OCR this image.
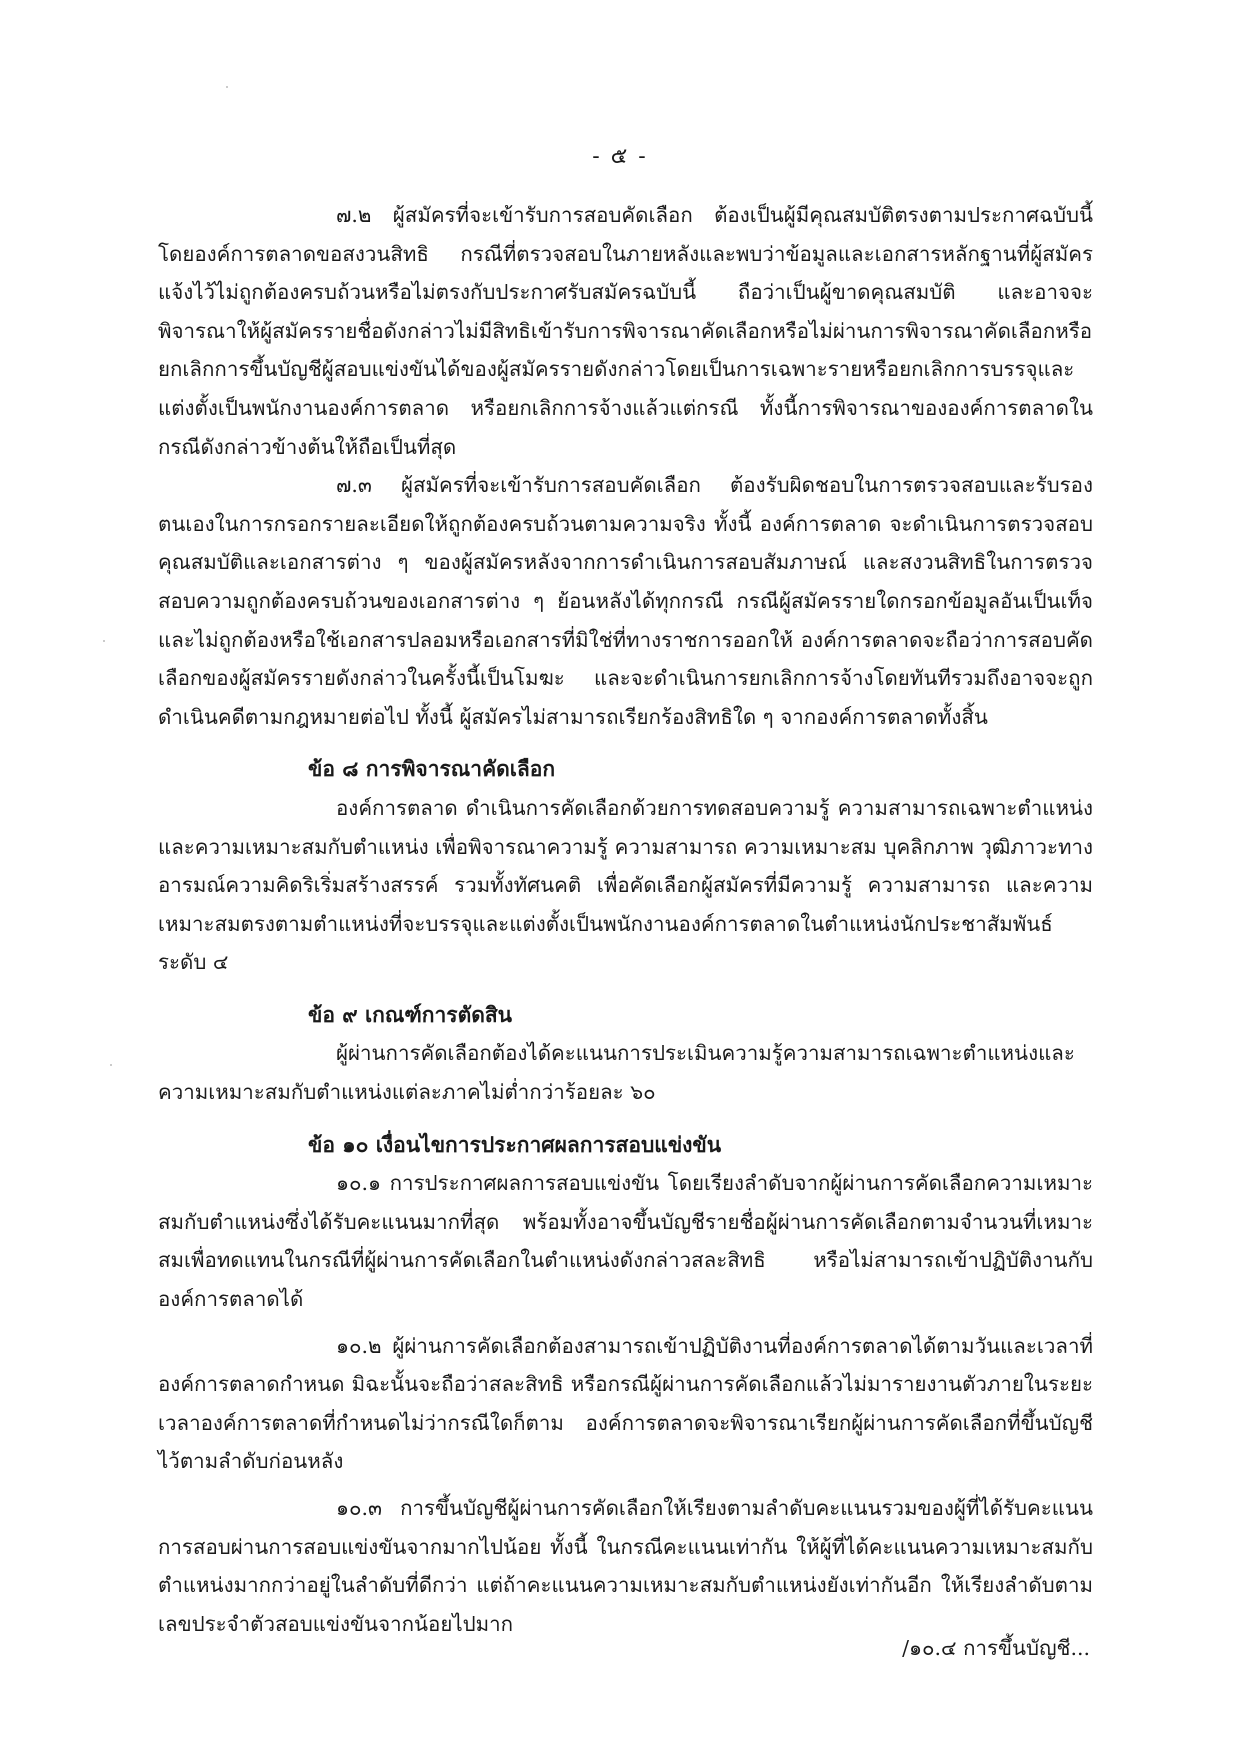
- ๕ -

๗.๒ ผู้สมัครที่จะเข้ารับการสอบคัดเลือก ต้องเป็นผู้มีคุณสมบัติตรงตามประกาศฉบับนี้ โดยองค์การตลาดขอสงวนสิทธิ กรณีที่ตรวจสอบในภายหลังและพบว่าข้อมูลและเอกสารหลักฐานที่ผู้สมัครแจ้งไว้ไม่ถูกต้องครบถ้วนหรือไม่ตรงกับประกาศรับสมัครฉบับนี้ ถือว่าเป็นผู้ขาดคุณสมบัติ และอาจจะพิจารณาให้ผู้สมัครรายชื่อดังกล่าวไม่มีสิทธิเข้ารับการพิจารณาคัดเลือกหรือไม่ผ่านการพิจารณาคัดเลือกหรือยกเลิกการขึ้นบัญชีผู้สอบแข่งขันได้ของผู้สมัครรายดังกล่าวโดยเป็นการเฉพาะรายหรือยกเลิกการบรรจุและแต่งตั้งเป็นพนักงานองค์การตลาด หรือยกเลิกการจ้างแล้วแต่กรณี ทั้งนี้การพิจารณาขององค์การตลาดในกรณีดังกล่าวข้างต้นให้ถือเป็นที่สุด

๗.๓ ผู้สมัครที่จะเข้ารับการสอบคัดเลือก ต้องรับผิดชอบในการตรวจสอบและรับรองตนเองในการกรอกรายละเอียดให้ถูกต้องครบถ้วนตามความจริง ทั้งนี้ องค์การตลาด จะดำเนินการตรวจสอบคุณสมบัติและเอกสารต่าง ๆ ของผู้สมัครหลังจากการดำเนินการสอบสัมภาษณ์ และสงวนสิทธิในการตรวจสอบความถูกต้องครบถ้วนของเอกสารต่าง ๆ ย้อนหลังได้ทุกกรณี กรณีผู้สมัครรายใดกรอกข้อมูลอันเป็นเท็จและไม่ถูกต้องหรือใช้เอกสารปลอมหรือเอกสารที่มิใช่ที่ทางราชการออกให้ องค์การตลาดจะถือว่าการสอบคัดเลือกของผู้สมัครรายดังกล่าวในครั้งนี้เป็นโมฆะ และจะดำเนินการยกเลิกการจ้างโดยทันทีรวมถึงอาจจะถูกดำเนินคดีตามกฎหมายต่อไป ทั้งนี้ ผู้สมัครไม่สามารถเรียกร้องสิทธิใด ๆ จากองค์การตลาดทั้งสิ้น

ข้อ ๘ การพิจารณาคัดเลือก

องค์การตลาด ดำเนินการคัดเลือกด้วยการทดสอบความรู้ ความสามารถเฉพาะตำแหน่งและความเหมาะสมกับตำแหน่ง เพื่อพิจารณาความรู้ ความสามารถ ความเหมาะสม บุคลิกภาพ วุฒิภาวะทางอารมณ์ความคิดริเริ่มสร้างสรรค์ รวมทั้งทัศนคติ เพื่อคัดเลือกผู้สมัครที่มีความรู้ ความสามารถ และความเหมาะสมตรงตามตำแหน่งที่จะบรรจุและแต่งตั้งเป็นพนักงานองค์การตลาดในตำแหน่งนักประชาสัมพันธ์ ระดับ ๔

ข้อ ๙ เกณฑ์การตัดสิน

ผู้ผ่านการคัดเลือกต้องได้คะแนนการประเมินความรู้ความสามารถเฉพาะตำแหน่งและความเหมาะสมกับตำแหน่งแต่ละภาคไม่ต่ำกว่าร้อยละ ๖๐

ข้อ ๑๐ เงื่อนไขการประกาศผลการสอบแข่งขัน

๑๐.๑ การประกาศผลการสอบแข่งขัน โดยเรียงลำดับจากผู้ผ่านการคัดเลือกความเหมาะสมกับตำแหน่งซึ่งได้รับคะแนนมากที่สุด พร้อมทั้งอาจขึ้นบัญชีรายชื่อผู้ผ่านการคัดเลือกตามจำนวนที่เหมาะสมเพื่อทดแทนในกรณีที่ผู้ผ่านการคัดเลือกในตำแหน่งดังกล่าวสละสิทธิ หรือไม่สามารถเข้าปฏิบัติงานกับองค์การตลาดได้

๑๐.๒ ผู้ผ่านการคัดเลือกต้องสามารถเข้าปฏิบัติงานที่องค์การตลาดได้ตามวันและเวลาที่องค์การตลาดกำหนด มิฉะนั้นจะถือว่าสละสิทธิ หรือกรณีผู้ผ่านการคัดเลือกแล้วไม่มารายงานตัวภายในระยะเวลาองค์การตลาดที่กำหนดไม่ว่ากรณีใดก็ตาม องค์การตลาดจะพิจารณาเรียกผู้ผ่านการคัดเลือกที่ขึ้นบัญชีไว้ตามลำดับก่อนหลัง

๑๐.๓ การขึ้นบัญชีผู้ผ่านการคัดเลือกให้เรียงตามลำดับคะแนนรวมของผู้ที่ได้รับคะแนนการสอบผ่านการสอบแข่งขันจากมากไปน้อย ทั้งนี้ ในกรณีคะแนนเท่ากัน ให้ผู้ที่ได้คะแนนความเหมาะสมกับตำแหน่งมากกว่าอยู่ในลำดับที่ดีกว่า แต่ถ้าคะแนนความเหมาะสมกับตำแหน่งยังเท่ากันอีก ให้เรียงลำดับตามเลขประจำตัวสอบแข่งขันจากน้อยไปมาก

/๑๐.๔ การขึ้นบัญชี...
